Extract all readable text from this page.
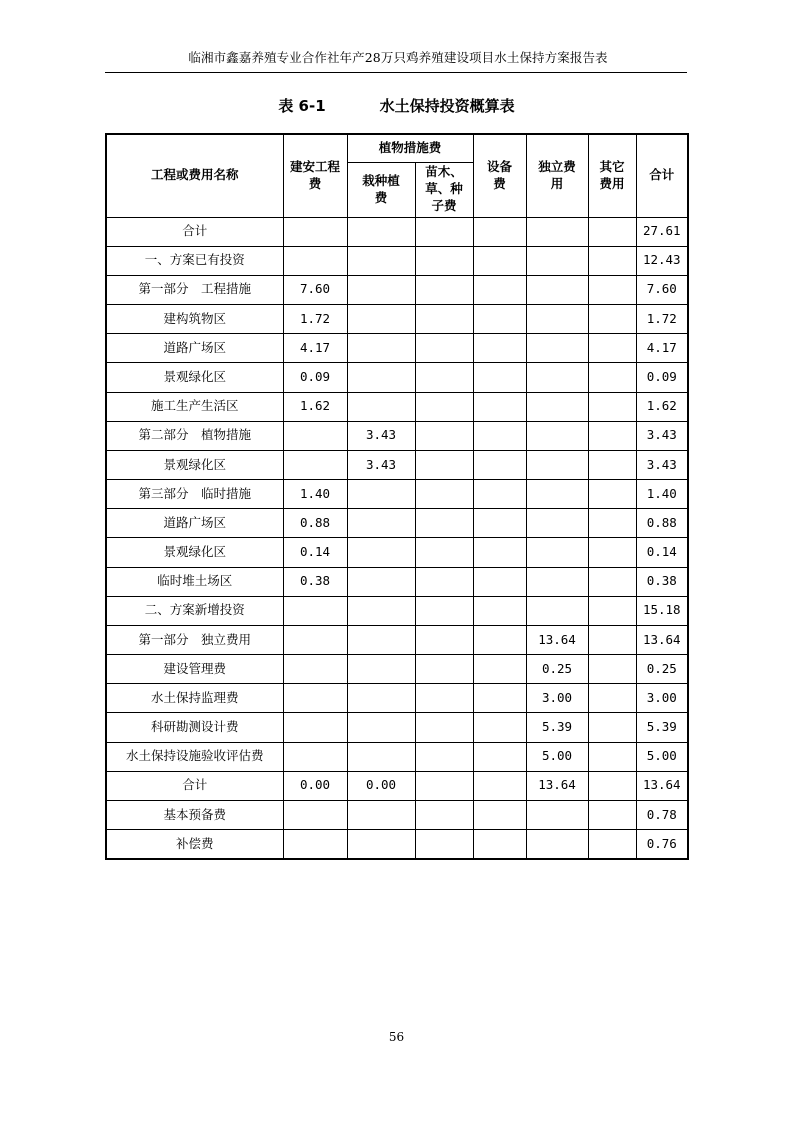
临湘市鑫嘉养殖专业合作社年产28万只鸡养殖建设项目水土保持方案报告表
表 6-1	水土保持投资概算表
工程或费用名称	建安工程费	植物措施费		设备费	独立费用	其它费用	合计
		栽种植费	苗木、草、种子费				
合计							27.61
一、方案已有投资							12.43
第一部分　工程措施	7.60						7.60
建构筑物区	1.72						1.72
道路广场区	4.17						4.17
景观绿化区	0.09						0.09
施工生产生活区	1.62						1.62
第二部分　植物措施		3.43					3.43
景观绿化区		3.43					3.43
第三部分　临时措施	1.40						1.40
道路广场区	0.88						0.88
景观绿化区	0.14						0.14
临时堆土场区	0.38						0.38
二、方案新增投资							15.18
第一部分　独立费用					13.64		13.64
建设管理费					0.25		0.25
水土保持监理费					3.00		3.00
科研勘测设计费					5.39		5.39
水土保持设施验收评估费					5.00		5.00
合计	0.00	0.00			13.64		13.64
基本预备费							0.78
补偿费							0.76
56
